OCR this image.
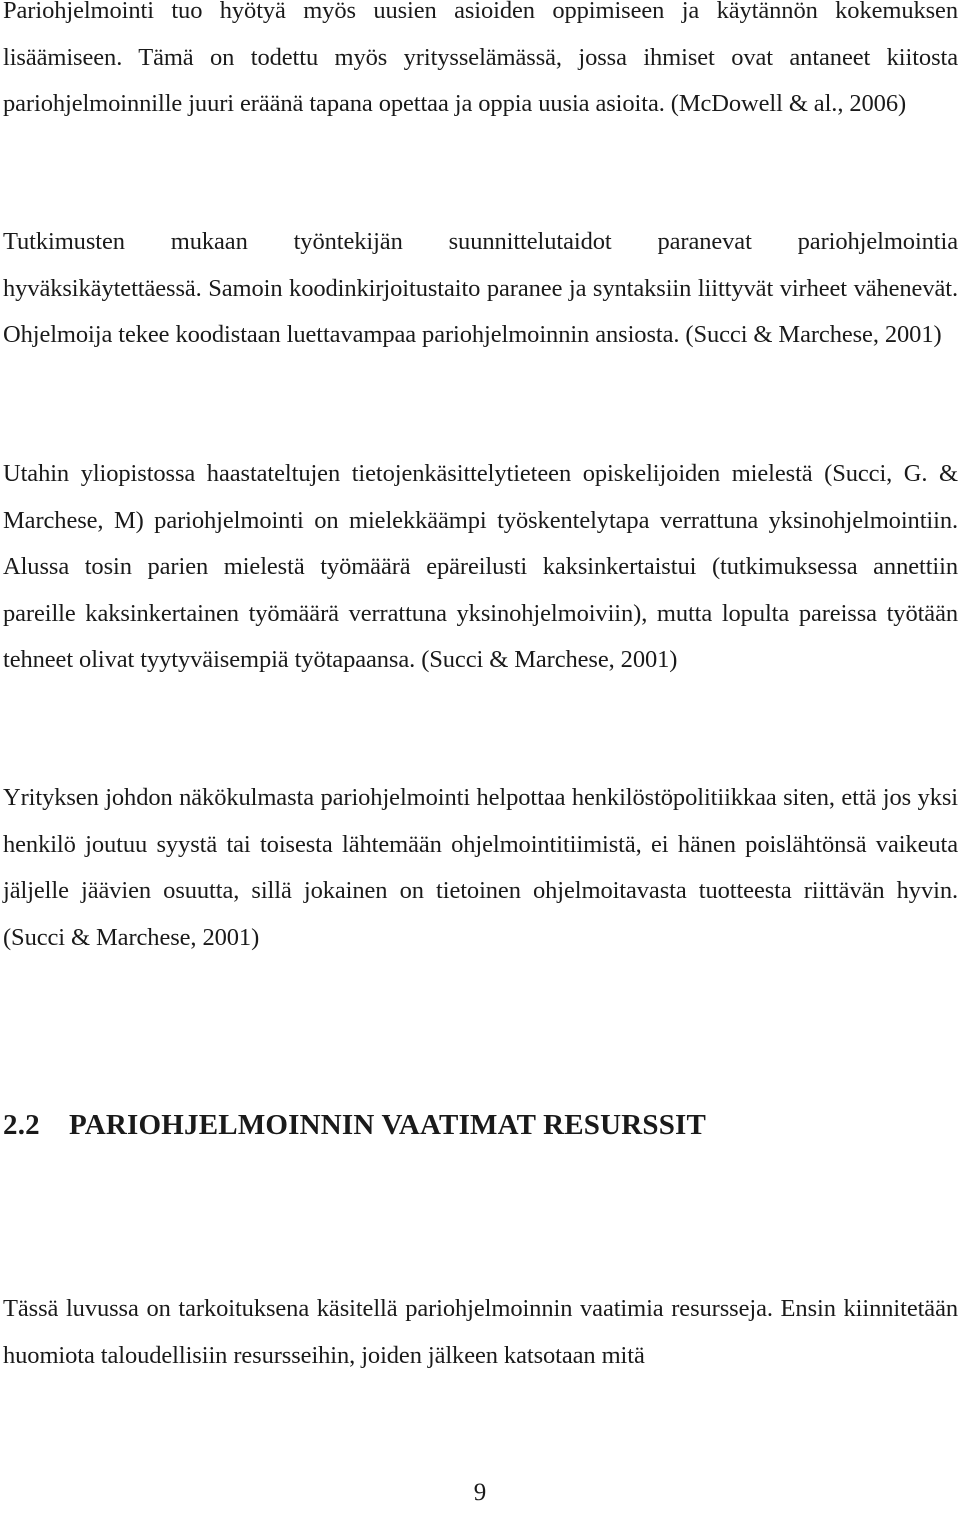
Pariohjelmointi tuo hyötyä myös uusien asioiden oppimiseen ja käytännön kokemuksen lisäämiseen. Tämä on todettu myös yritysselämässä, jossa ihmiset ovat antaneet kiitosta pariohjelmoinnille juuri eräänä tapana opettaa ja oppia uusia asioita. (McDowell & al., 2006)

Tutkimusten mukaan työntekijän suunnittelutaidot paranevat pariohjelmointia hyväksikäytettäessä. Samoin koodinkirjoitustaito paranee ja syntaksiin liittyvät virheet vähenevät. Ohjelmoija tekee koodistaan luettavampaa pariohjelmoinnin ansiosta. (Succi & Marchese, 2001)

Utahin yliopistossa haastateltujen tietojenkäsittelytieteen opiskelijoiden mielestä (Succi, G. & Marchese, M) pariohjelmointi on mielekkäämpi työskentelytapa verrattuna yksinohjelmointiin. Alussa tosin parien mielestä työmäärä epäreilusti kaksinkertaistui (tutkimuksessa annettiin pareille kaksinkertainen työmäärä verrattuna yksinohjelmoiviin), mutta lopulta pareissa työtään tehneet olivat tyytyväisempiä työtapaansa. (Succi & Marchese, 2001)

Yrityksen johdon näkökulmasta pariohjelmointi helpottaa henkilöstöpolitiikkaa siten, että jos yksi henkilö joutuu syystä tai toisesta lähtemään ohjelmointitiimistä, ei hänen poislähtönsä vaikeuta jäljelle jäävien osuutta, sillä jokainen on tietoinen ohjelmoitavasta tuotteesta riittävän hyvin. (Succi & Marchese, 2001)

2.2 PARIOHJELMOINNIN VAATIMAT RESURSSIT

Tässä luvussa on tarkoituksena käsitellä pariohjelmoinnin vaatimia resursseja. Ensin kiinnitetään huomiota taloudellisiin resursseihin, joiden jälkeen katsotaan mitä

9
